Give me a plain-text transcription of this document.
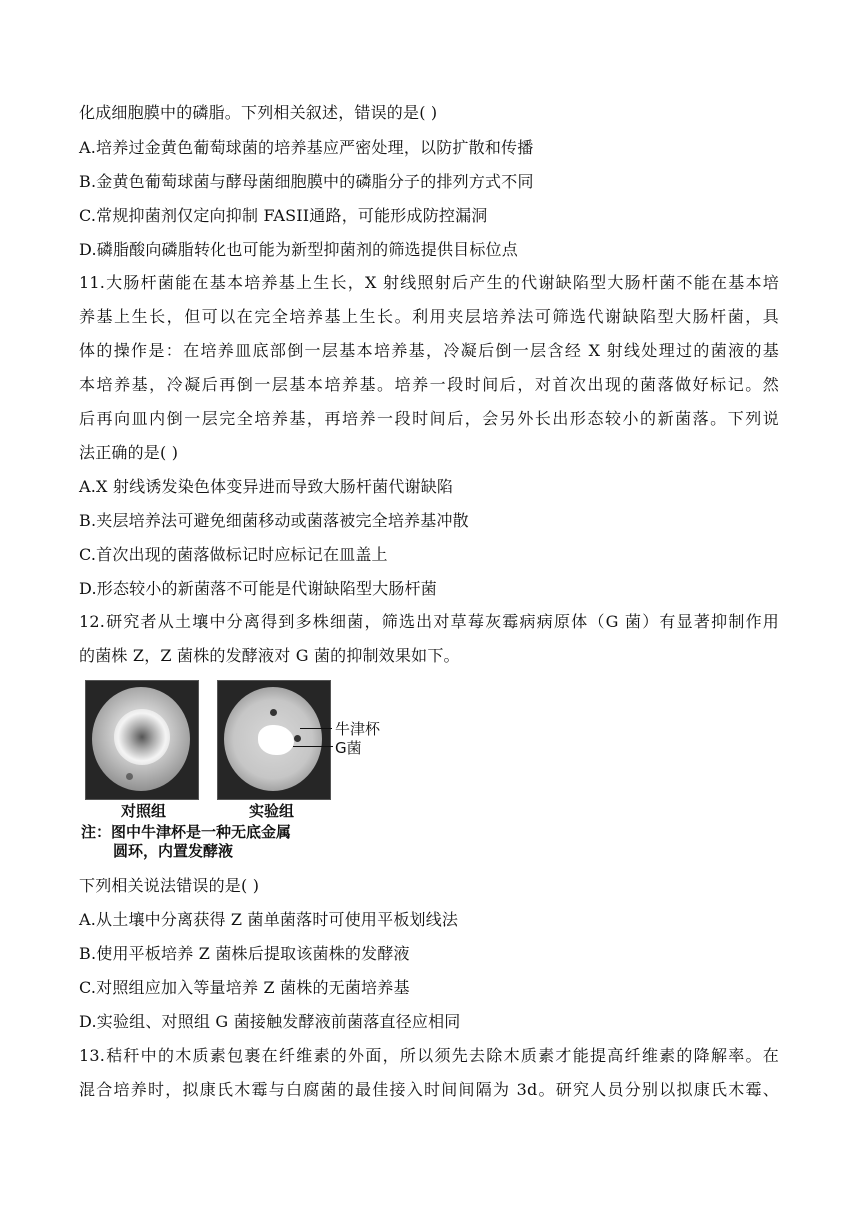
化成细胞膜中的磷脂。下列相关叙述，错误的是( )
A.培养过金黄色葡萄球菌的培养基应严密处理，以防扩散和传播
B.金黄色葡萄球菌与酵母菌细胞膜中的磷脂分子的排列方式不同
C.常规抑菌剂仅定向抑制 FASII通路，可能形成防控漏洞
D.磷脂酸向磷脂转化也可能为新型抑菌剂的筛选提供目标位点
11.大肠杆菌能在基本培养基上生长，X 射线照射后产生的代谢缺陷型大肠杆菌不能在基本培
养基上生长，但可以在完全培养基上生长。利用夹层培养法可筛选代谢缺陷型大肠杆菌，具
体的操作是：在培养皿底部倒一层基本培养基，冷凝后倒一层含经 X 射线处理过的菌液的基
本培养基，冷凝后再倒一层基本培养基。培养一段时间后，对首次出现的菌落做好标记。然
后再向皿内倒一层完全培养基，再培养一段时间后，会另外长出形态较小的新菌落。下列说
法正确的是( )
A.X 射线诱发染色体变异进而导致大肠杆菌代谢缺陷
B.夹层培养法可避免细菌移动或菌落被完全培养基冲散
C.首次出现的菌落做标记时应标记在皿盖上
D.形态较小的新菌落不可能是代谢缺陷型大肠杆菌
12.研究者从土壤中分离得到多株细菌，筛选出对草莓灰霉病病原体（G 菌）有显著抑制作用
的菌株 Z，Z 菌株的发酵液对 G 菌的抑制效果如下。
牛津杯
G菌
对照组	实验组
注：图中牛津杯是一种无底金属
圆环，内置发酵液
下列相关说法错误的是( )
A.从土壤中分离获得 Z 菌单菌落时可使用平板划线法
B.使用平板培养 Z 菌株后提取该菌株的发酵液
C.对照组应加入等量培养 Z 菌株的无菌培养基
D.实验组、对照组 G 菌接触发酵液前菌落直径应相同
13.秸秆中的木质素包裹在纤维素的外面，所以须先去除木质素才能提高纤维素的降解率。在
混合培养时，拟康氏木霉与白腐菌的最佳接入时间间隔为 3d。研究人员分别以拟康氏木霉、
